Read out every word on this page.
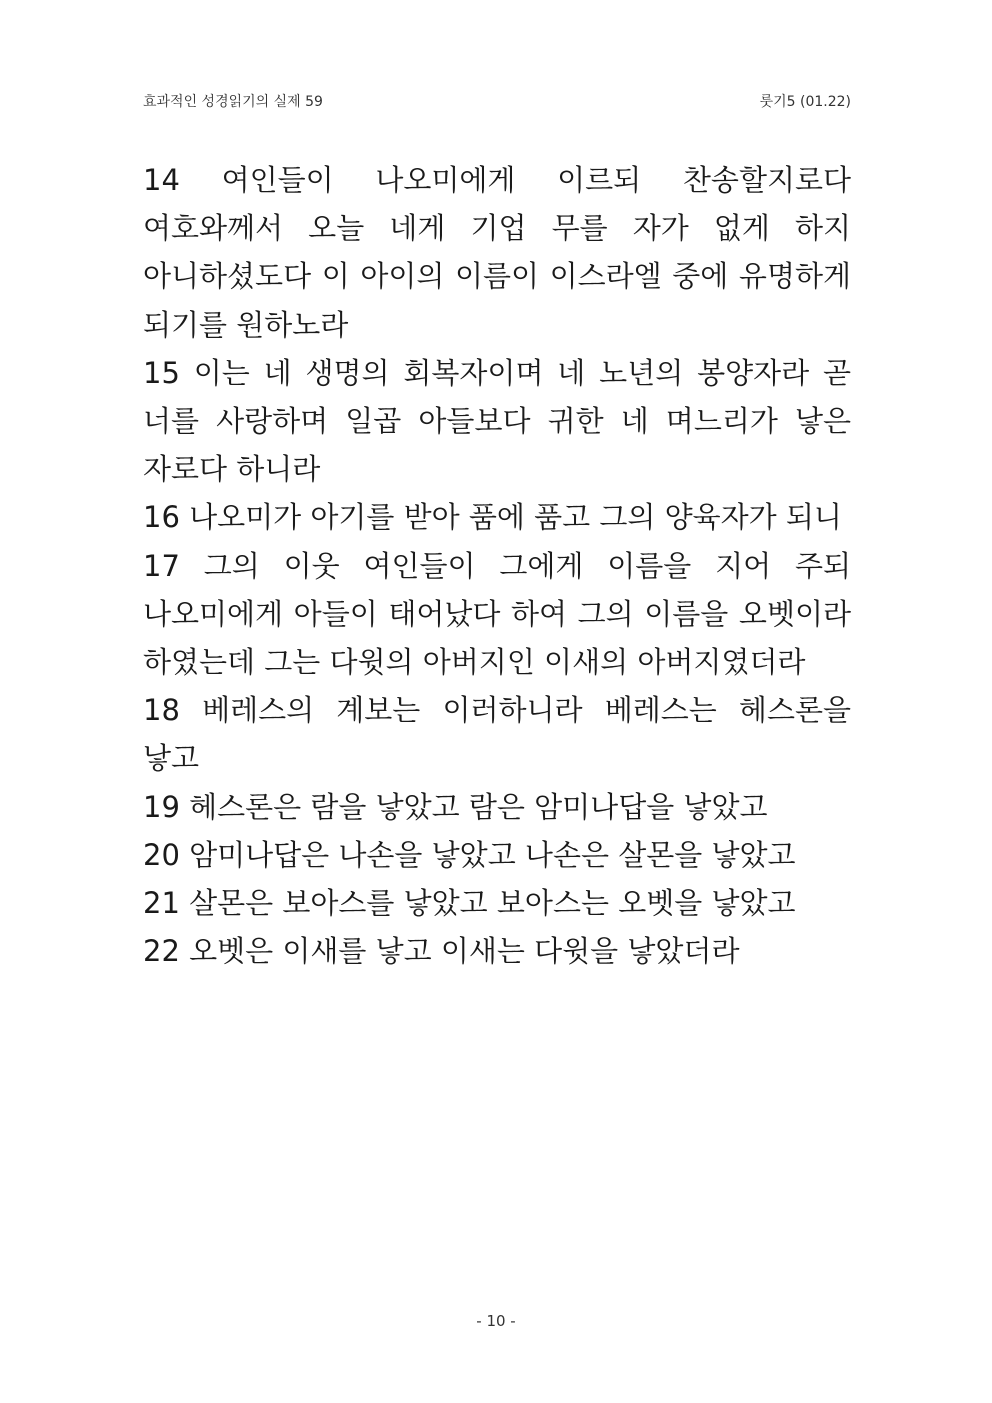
효과적인 성경읽기의 실제 59	룻기5 (01.22)

14 여인들이 나오미에게 이르되 찬송할지로다 여호와께서 오늘 네게 기업 무를 자가 없게 하지 아니하셨도다 이 아이의 이름이 이스라엘 중에 유명하게 되기를 원하노라

15 이는 네 생명의 회복자이며 네 노년의 봉양자라 곧 너를 사랑하며 일곱 아들보다 귀한 네 며느리가 낳은 자로다 하니라

16 나오미가 아기를 받아 품에 품고 그의 양육자가 되니

17 그의 이웃 여인들이 그에게 이름을 지어 주되 나오미에게 아들이 태어났다 하여 그의 이름을 오벳이라 하였는데 그는 다윗의 아버지인 이새의 아버지였더라

18 베레스의 계보는 이러하니라 베레스는 헤스론을 낳고

19 헤스론은 람을 낳았고 람은 암미나답을 낳았고

20 암미나답은 나손을 낳았고 나손은 살몬을 낳았고

21 살몬은 보아스를 낳았고 보아스는 오벳을 낳았고

22 오벳은 이새를 낳고 이새는 다윗을 낳았더라

- 10 -
